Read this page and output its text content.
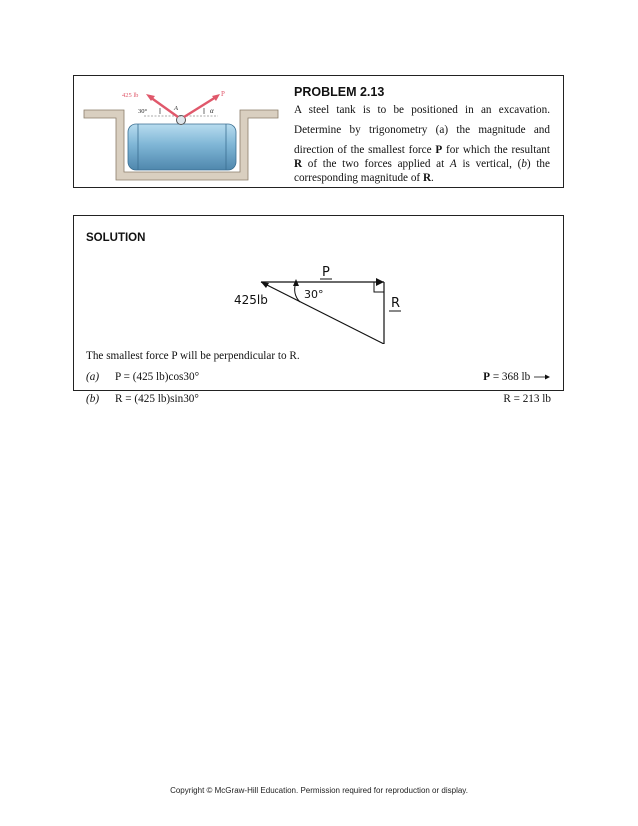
425 lb
30°	A	α
P	PROBLEM 2.13

A steel tank is to be positioned in an excavation.

Determine by trigonometry (a) the magnitude and

direction of the smallest force P for which the resultant R of the two forces applied at A is vertical, (b) the corresponding magnitude of R.

SOLUTION
P
R
425lb	30°
The smallest force P will be perpendicular to R.
(a) P = (425 lb)cos30°	P = 368 lb
(b) R = (425 lb)sin30°	R = 213 lb
Copyright © McGraw-Hill Education. Permission required for reproduction or display.
